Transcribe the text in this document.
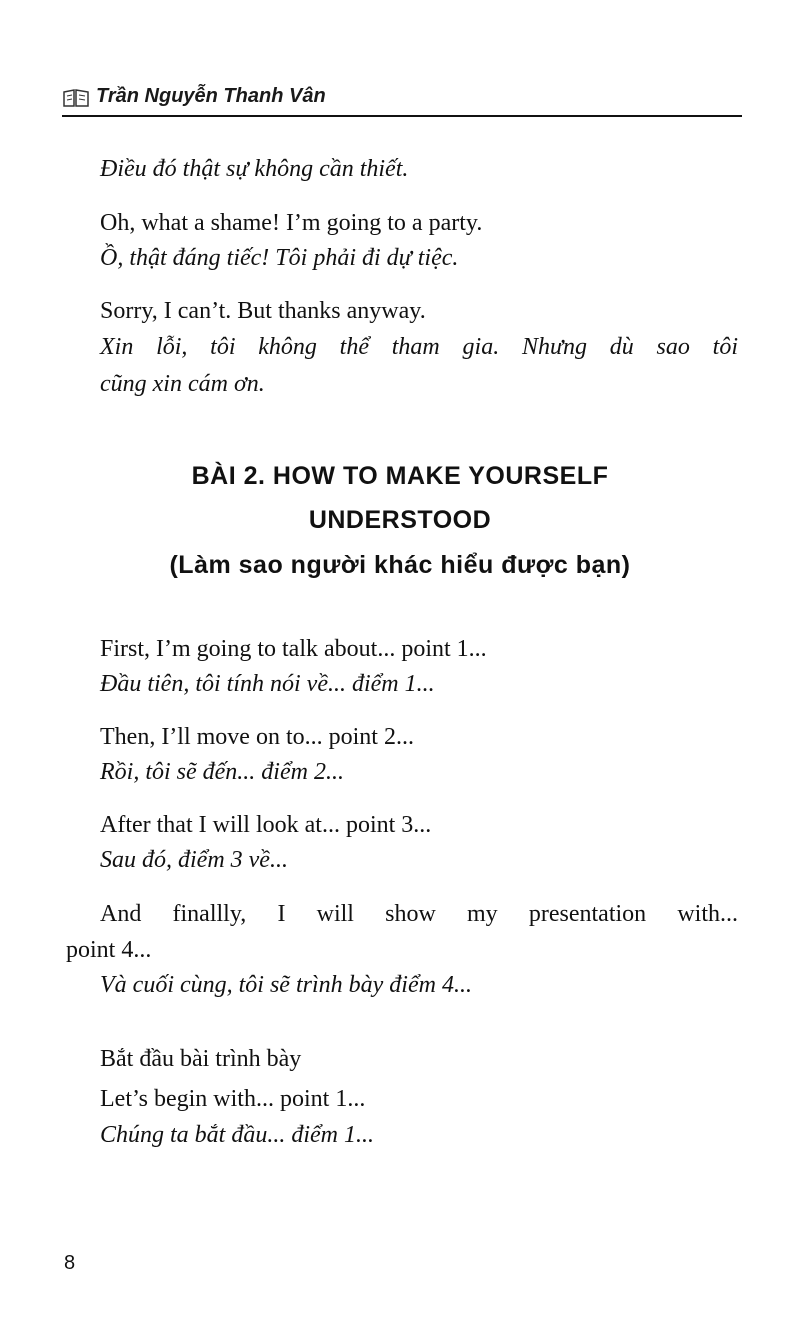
Trần Nguyễn Thanh Vân
Điều đó thật sự không cần thiết.
Oh, what a shame! I’m going to a party.
Ồ, thật đáng tiếc! Tôi phải đi dự tiệc.
Sorry, I can’t. But thanks anyway.
Xin lỗi, tôi không thể tham gia. Nhưng dù sao tôi
cũng xin cám ơn.
BÀI 2. HOW TO MAKE YOURSELF
UNDERSTOOD
(Làm sao người khác hiểu được bạn)
First, I’m going to talk about... point 1...
Đầu tiên, tôi tính nói về... điểm 1...
Then, I’ll move on to... point 2...
Rồi, tôi sẽ đến... điểm 2...
After that I will look at... point 3...
Sau đó, điểm 3 về...
And finallly, I will show my presentation with...
point 4...
Và cuối cùng, tôi sẽ trình bày điểm 4...
Bắt đầu bài trình bày
Let’s begin with... point 1...
Chúng ta bắt đầu... điểm 1...
8
